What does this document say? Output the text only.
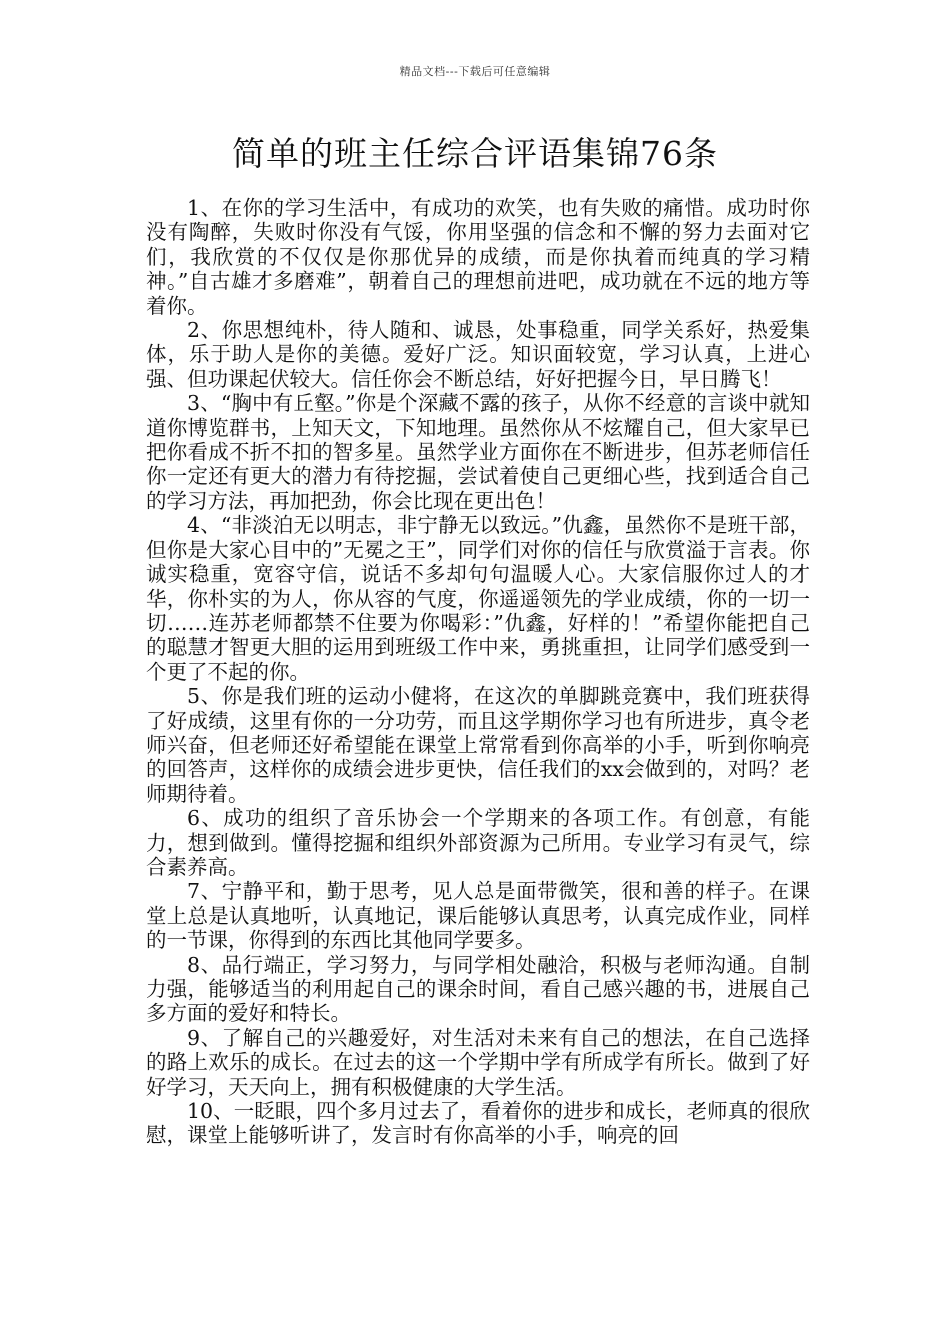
精品文档---下载后可任意编辑
简单的班主任综合评语集锦76条

1、在你的学习生活中，有成功的欢笑，也有失败的痛惜。成功时你没有陶醉，失败时你没有气馁，你用坚强的信念和不懈的努力去面对它们，我欣赏的不仅仅是你那优异的成绩，而是你执着而纯真的学习精神。”自古雄才多磨难”，朝着自己的理想前进吧，成功就在不远的地方等着你。

2、你思想纯朴，待人随和、诚恳，处事稳重，同学关系好，热爱集体，乐于助人是你的美德。爱好广泛。知识面较宽，学习认真，上进心强、但功课起伏较大。信任你会不断总结，好好把握今日，早日腾飞！

3、“胸中有丘壑。”你是个深藏不露的孩子，从你不经意的言谈中就知道你博览群书，上知天文，下知地理。虽然你从不炫耀自己，但大家早已把你看成不折不扣的智多星。虽然学业方面你在不断进步，但苏老师信任你一定还有更大的潜力有待挖掘，尝试着使自己更细心些，找到适合自己的学习方法，再加把劲，你会比现在更出色！

4、“非淡泊无以明志，非宁静无以致远。”仇鑫，虽然你不是班干部，但你是大家心目中的”无冕之王”，同学们对你的信任与欣赏溢于言表。你诚实稳重，宽容守信，说话不多却句句温暖人心。大家信服你过人的才华，你朴实的为人，你从容的气度，你遥遥领先的学业成绩，你的一切一切……连苏老师都禁不住要为你喝彩：”仇鑫，好样的！”希望你能把自己的聪慧才智更大胆的运用到班级工作中来，勇挑重担，让同学们感受到一个更了不起的你。

5、你是我们班的运动小健将，在这次的单脚跳竞赛中，我们班获得了好成绩，这里有你的一分功劳，而且这学期你学习也有所进步，真令老师兴奋，但老师还好希望能在课堂上常常看到你高举的小手，听到你响亮的回答声，这样你的成绩会进步更快，信任我们的xx会做到的，对吗？老师期待着。

6、成功的组织了音乐协会一个学期来的各项工作。有创意，有能力，想到做到。懂得挖掘和组织外部资源为己所用。专业学习有灵气，综合素养高。

7、宁静平和，勤于思考，见人总是面带微笑，很和善的样子。在课堂上总是认真地听，认真地记，课后能够认真思考，认真完成作业，同样的一节课，你得到的东西比其他同学要多。

8、品行端正，学习努力，与同学相处融洽，积极与老师沟通。自制力强，能够适当的利用起自己的课余时间，看自己感兴趣的书，进展自己多方面的爱好和特长。

9、了解自己的兴趣爱好，对生活对未来有自己的想法，在自己选择的路上欢乐的成长。在过去的这一个学期中学有所成学有所长。做到了好好学习，天天向上，拥有积极健康的大学生活。

10、一眨眼，四个多月过去了，看着你的进步和成长，老师真的很欣慰，课堂上能够听讲了，发言时有你高举的小手，响亮的回
